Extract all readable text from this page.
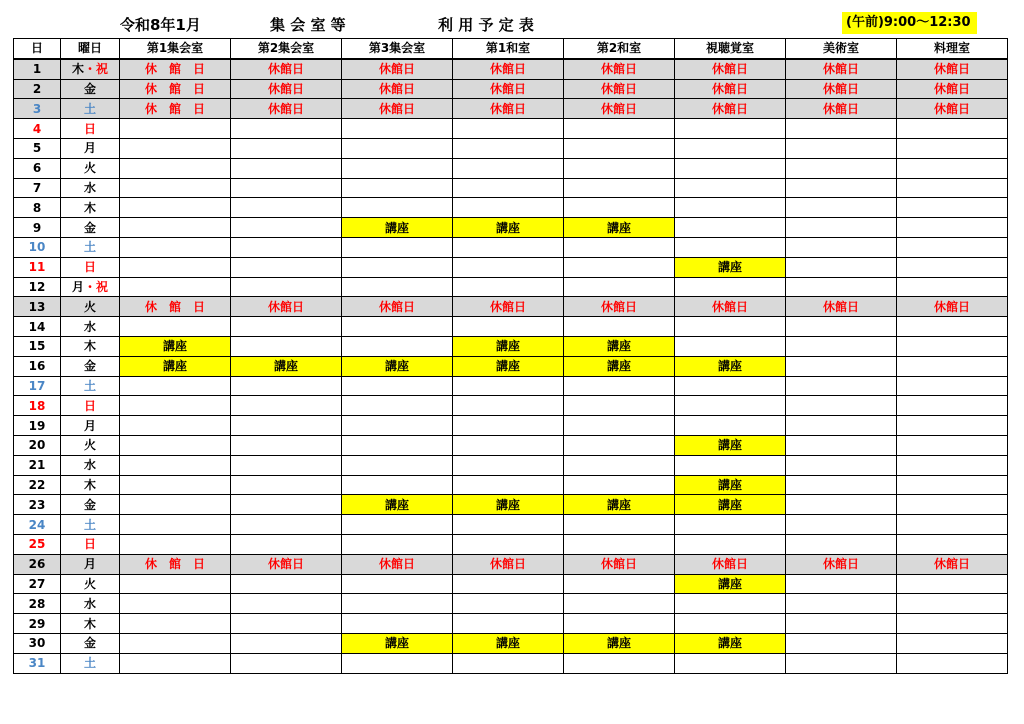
令和8年1月	集 会 室 等	利 用 予 定 表	(午前)9:00～12:30
日	曜日	第1集会室	第2集会室	第3集会室	第1和室	第2和室	視聴覚室	美術室	料理室
1	木・祝	休　館　日	休館日	休館日	休館日	休館日	休館日	休館日	休館日
2	金	休　館　日	休館日	休館日	休館日	休館日	休館日	休館日	休館日
3	土	休　館　日	休館日	休館日	休館日	休館日	休館日	休館日	休館日
4	日								
5	月								
6	火								
7	水								
8	木								
9	金			講座	講座	講座			
10	土								
11	日						講座		
12	月・祝								
13	火	休　館　日	休館日	休館日	休館日	休館日	休館日	休館日	休館日
14	水								
15	木	講座			講座	講座			
16	金	講座	講座	講座	講座	講座	講座		
17	土								
18	日								
19	月								
20	火						講座		
21	水								
22	木						講座		
23	金			講座	講座	講座	講座		
24	土								
25	日								
26	月	休　館　日	休館日	休館日	休館日	休館日	休館日	休館日	休館日
27	火						講座		
28	水								
29	木								
30	金			講座	講座	講座	講座		
31	土								
